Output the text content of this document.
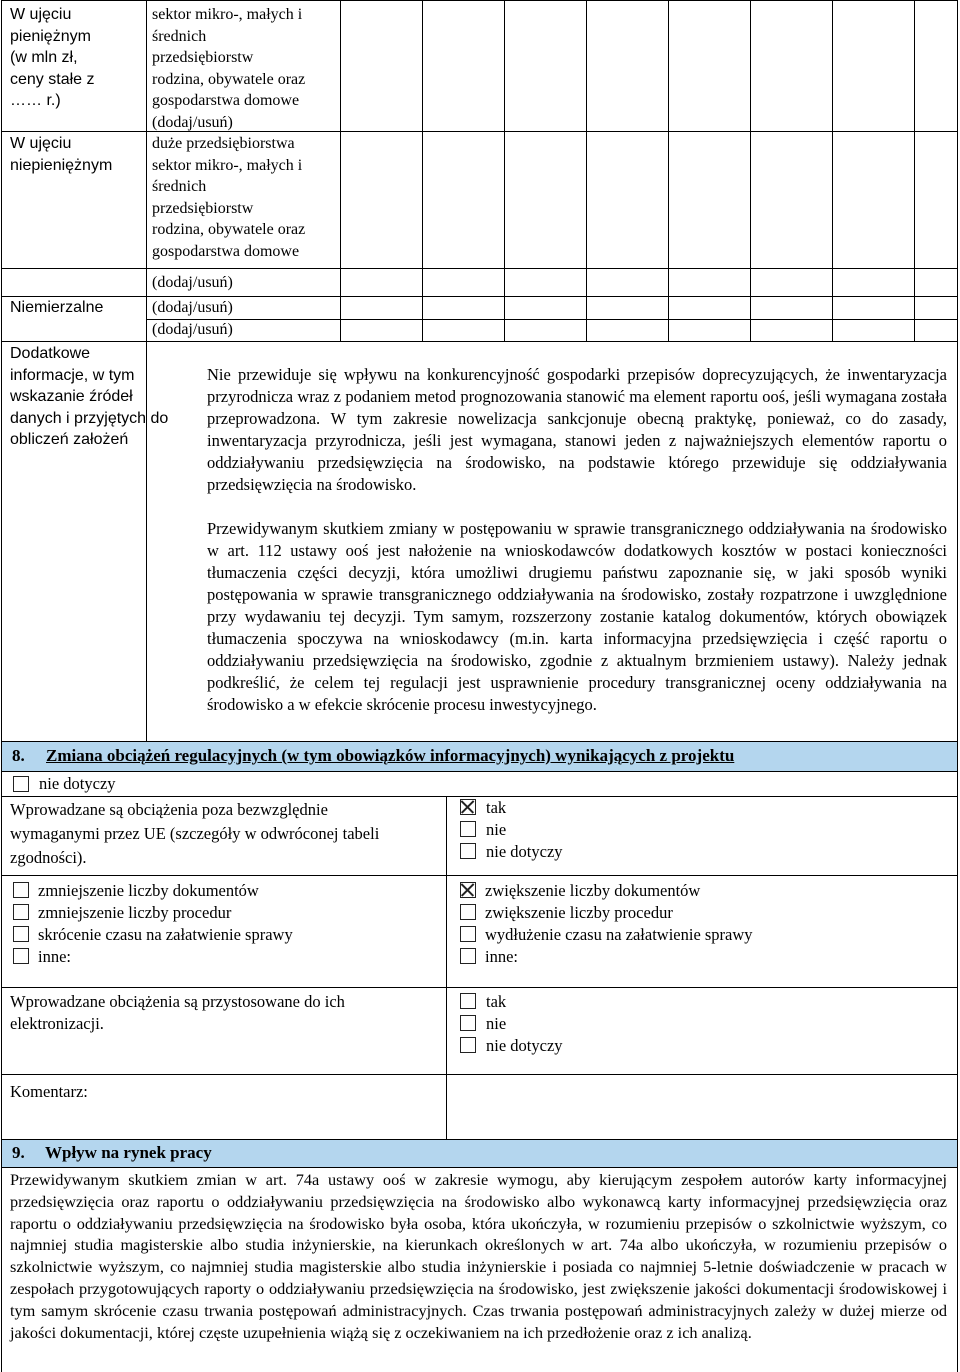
W ujęciu
pieniężnym
(w mln zł,
ceny stałe z
…… r.)
W ujęciu
niepieniężnym
Niemierzalne
Dodatkowe
informacje, w tym
wskazanie źródeł
danych i przyjętych do
obliczeń założeń
sektor mikro-, małych i
średnich
przedsiębiorstw
rodzina, obywatele oraz
gospodarstwa domowe
(dodaj/usuń)
duże przedsiębiorstwa
sektor mikro-, małych i
średnich
przedsiębiorstw
rodzina, obywatele oraz
gospodarstwa domowe
(dodaj/usuń)
(dodaj/usuń)
(dodaj/usuń)
Nie przewiduje się wpływu na konkurencyjność gospodarki przepisów doprecyzujących, że inwentaryzacja przyrodnicza wraz z podaniem metod prognozowania stanowić ma element raportu ooś, jeśli wymagana została przeprowadzona. W tym zakresie nowelizacja sankcjonuje obecną praktykę, ponieważ, co do zasady, inwentaryzacja przyrodnicza, jeśli jest wymagana, stanowi jeden z najważniejszych elementów raportu o oddziaływaniu przedsięwzięcia na środowisko, na podstawie którego przewiduje się oddziaływania przedsięwzięcia na środowisko.
Przewidywanym skutkiem zmiany w postępowaniu w sprawie transgranicznego oddziaływania na środowisko w art. 112 ustawy ooś jest nałożenie na wnioskodawców dodatkowych kosztów w postaci konieczności tłumaczenia części decyzji, która umożliwi drugiemu państwu zapoznanie się, w jaki sposób wyniki postępowania w sprawie transgranicznego oddziaływania na środowisko, zostały rozpatrzone i uwzględnione przy wydawaniu tej decyzji. Tym samym, rozszerzony zostanie katalog dokumentów, których obowiązek tłumaczenia spoczywa na wnioskodawcy (m.in. karta informacyjna przedsięwzięcia i część raportu o oddziaływaniu przedsięwzięcia na środowisko, zgodnie z aktualnym brzmieniem ustawy). Należy jednak podkreślić, że celem tej regulacji jest usprawnienie procedury transgranicznej oceny oddziaływania na środowisko a w efekcie skrócenie procesu inwestycyjnego.
8. Zmiana obciążeń regulacyjnych (w tym obowiązków informacyjnych) wynikających z projektu
nie dotyczy
Wprowadzane są obciążenia poza bezwzględnie
wymaganymi przez UE (szczegóły w odwróconej tabeli
zgodności).
tak
nie
nie dotyczy
zmniejszenie liczby dokumentów
zmniejszenie liczby procedur
skrócenie czasu na załatwienie sprawy
inne:
zwiększenie liczby dokumentów
zwiększenie liczby procedur
wydłużenie czasu na załatwienie sprawy
inne:
Wprowadzane obciążenia są przystosowane do ich
elektronizacji.
tak
nie
nie dotyczy
Komentarz:
9. Wpływ na rynek pracy
Przewidywanym skutkiem zmian w art. 74a ustawy ooś w zakresie wymogu, aby kierującym zespołem autorów karty informacyjnej przedsięwzięcia oraz raportu o oddziaływaniu przedsięwzięcia na środowisko albo wykonawcą karty informacyjnej przedsięwzięcia oraz raportu o oddziaływaniu przedsięwzięcia na środowisko była osoba, która ukończyła, w rozumieniu przepisów o szkolnictwie wyższym, co najmniej studia magisterskie albo studia inżynierskie, na kierunkach określonych w art. 74a albo ukończyła, w rozumieniu przepisów o szkolnictwie wyższym, co najmniej studia magisterskie albo studia inżynierskie i posiada co najmniej 5-letnie doświadczenie w pracach w zespołach przygotowujących raporty o oddziaływaniu przedsięwzięcia na środowisko, jest zwiększenie jakości dokumentacji środowiskowej i tym samym skrócenie czasu trwania postępowań administracyjnych. Czas trwania postępowań administracyjnych zależy w dużej mierze od jakości dokumentacji, której częste uzupełnienia wiążą się z oczekiwaniem na ich przedłożenie oraz z ich analizą.
